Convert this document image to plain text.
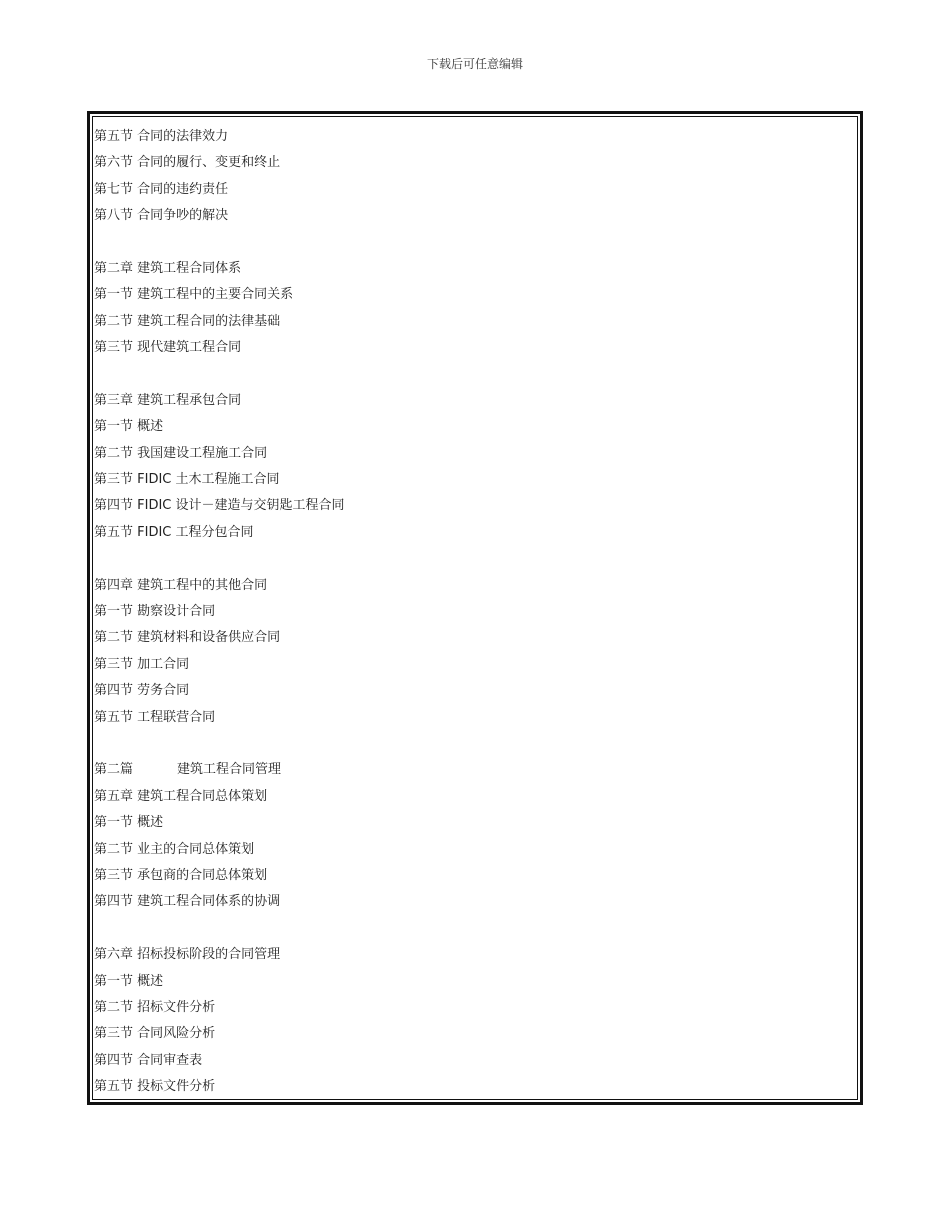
下载后可任意编辑
第五节 合同的法律效力
第六节 合同的履行、变更和终止
第七节 合同的违约责任
第八节 合同争吵的解决
第二章 建筑工程合同体系
第一节 建筑工程中的主要合同关系
第二节 建筑工程合同的法律基础
第三节 现代建筑工程合同
第三章 建筑工程承包合同
第一节 概述
第二节 我国建设工程施工合同
第三节 FIDIC 土木工程施工合同
第四节 FIDIC 设计－建造与交钥匙工程合同
第五节 FIDIC 工程分包合同
第四章 建筑工程中的其他合同
第一节 勘察设计合同
第二节 建筑材料和设备供应合同
第三节 加工合同
第四节 劳务合同
第五节 工程联营合同
第二篇	建筑工程合同管理
第五章 建筑工程合同总体策划
第一节 概述
第二节 业主的合同总体策划
第三节 承包商的合同总体策划
第四节 建筑工程合同体系的协调
第六章 招标投标阶段的合同管理
第一节 概述
第二节 招标文件分析
第三节 合同风险分析
第四节 合同审查表
第五节 投标文件分析
